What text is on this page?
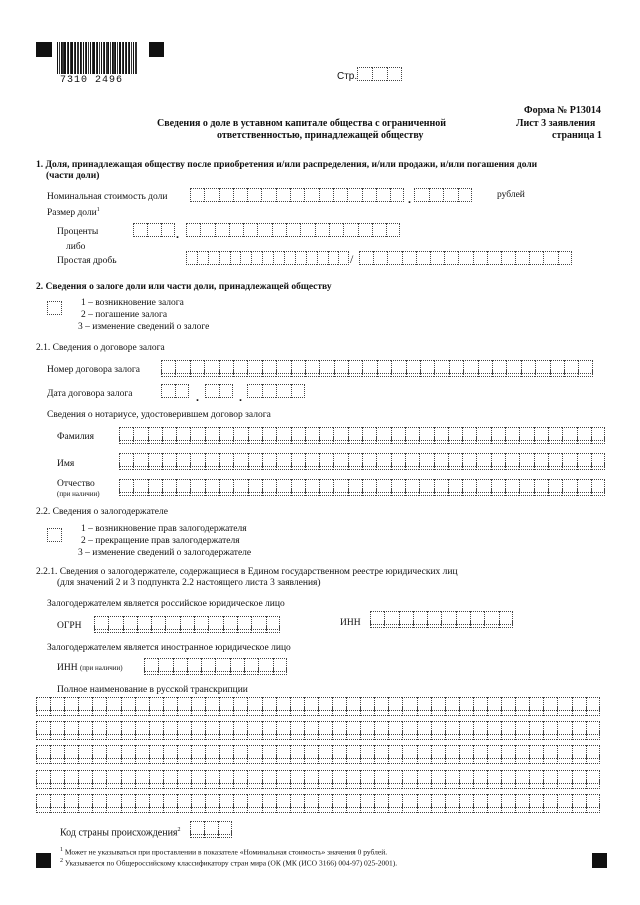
7310 2496	Стр.
Сведения о доле в уставном капитале общества с ограниченной
ответственностью, принадлежащей обществу
Форма № Р13014
Лист 3 заявления
страница 1
1. Доля, принадлежащая обществу после приобретения и/или распределения, и/или продажи, и/или погашения доли
(части доли)
Номинальная стоимость доли	.	рублей
Размер доли$^1$
Проценты	.
либо
Простая дробь	/
2. Сведения о залоге доли или части доли, принадлежащей обществу
1 – возникновение залога
2 – погашение залога
3 – изменение сведений о залоге
2.1. Сведения о договоре залога
Номер договора залога
Дата договора залога	.	.
Сведения о нотариусе, удостоверившем договор залога
Фамилия
Имя
Отчество
(при наличии)
2.2. Сведения о залогодержателе
1 – возникновение прав залогодержателя
2 – прекращение прав залогодержателя
3 – изменение сведений о залогодержателе
2.2.1. Сведения о залогодержателе, содержащиеся в Едином государственном реестре юридических лиц
(для значений 2 и 3 подпункта 2.2 настоящего листа 3 заявления)
Залогодержателем является российское юридическое лицо
ОГРН	ИНН
Залогодержателем является иностранное юридическое лицо
ИНН (при наличии)
Полное наименование в русской транскрипции
Код страны происхождения$^2$
$^1$ Может не указываться при проставлении в показателе «Номинальная стоимость» значения 0 рублей.
$^2$ Указывается по Общероссийскому классификатору стран мира (ОК (МК (ИСО 3166) 004-97) 025-2001).
